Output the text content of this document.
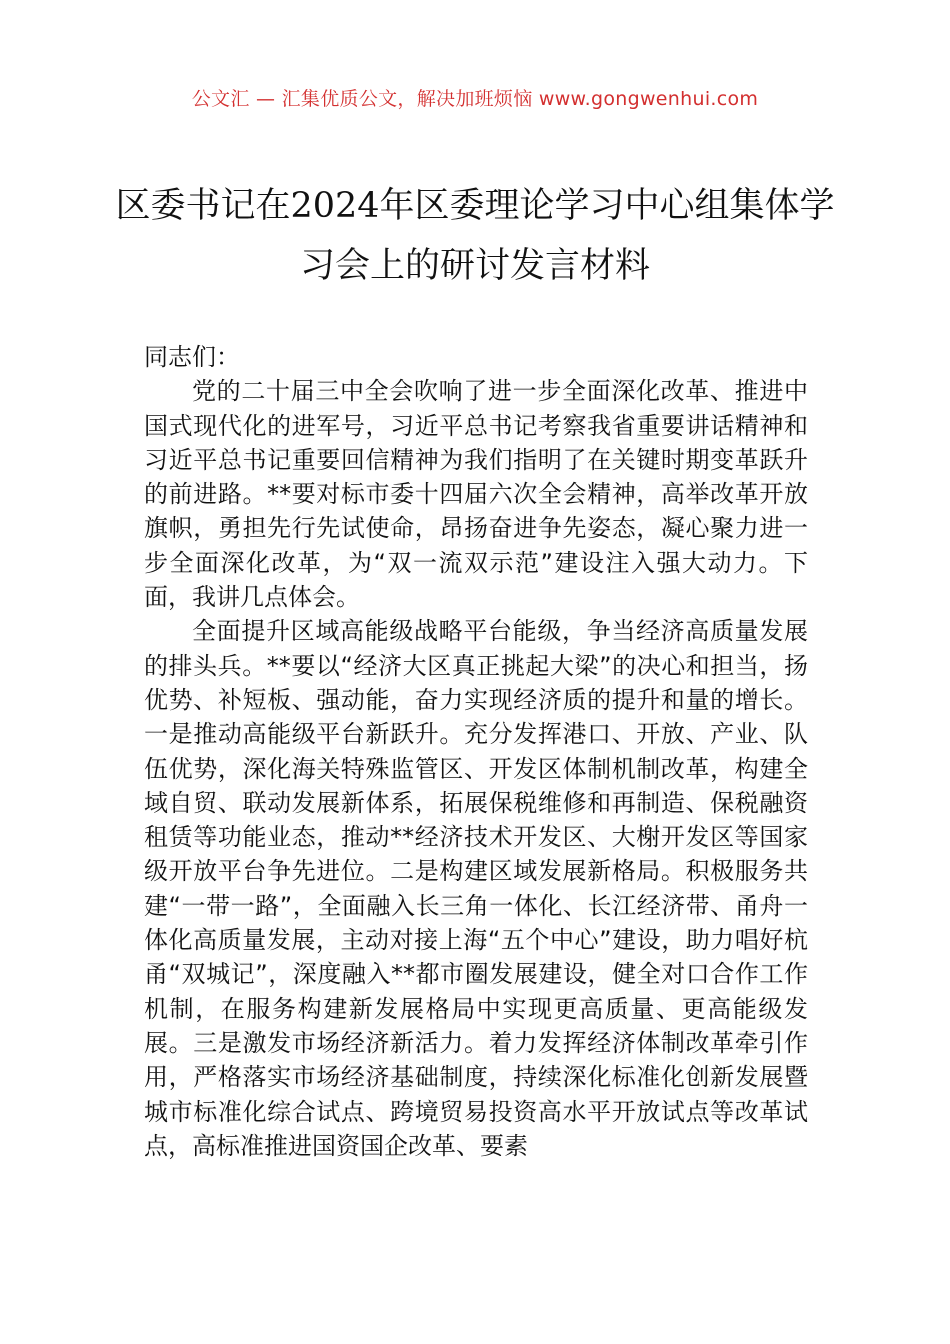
公文汇 — 汇集优质公文，解决加班烦恼 www.gongwenhui.com
区委书记在2024年区委理论学习中心组集体学习会上的研讨发言材料

同志们：

党的二十届三中全会吹响了进一步全面深化改革、推进中国式现代化的进军号，习近平总书记考察我省重要讲话精神和习近平总书记重要回信精神为我们指明了在关键时期变革跃升的前进路。**要对标市委十四届六次全会精神，高举改革开放旗帜，勇担先行先试使命，昂扬奋进争先姿态，凝心聚力进一步全面深化改革，为“双一流双示范”建设注入强大动力。下面，我讲几点体会。

全面提升区域高能级战略平台能级，争当经济高质量发展的排头兵。**要以“经济大区真正挑起大梁”的决心和担当，扬优势、补短板、强动能，奋力实现经济质的提升和量的增长。一是推动高能级平台新跃升。充分发挥港口、开放、产业、队伍优势，深化海关特殊监管区、开发区体制机制改革，构建全域自贸、联动发展新体系，拓展保税维修和再制造、保税融资租赁等功能业态，推动**经济技术开发区、大榭开发区等国家级开放平台争先进位。二是构建区域发展新格局。积极服务共建“一带一路”，全面融入长三角一体化、长江经济带、甬舟一体化高质量发展，主动对接上海“五个中心”建设，助力唱好杭甬“双城记”，深度融入**都市圈发展建设，健全对口合作工作机制，在服务构建新发展格局中实现更高质量、更高能级发展。三是激发市场经济新活力。着力发挥经济体制改革牵引作用，严格落实市场经济基础制度，持续深化标准化创新发展暨城市标准化综合试点、跨境贸易投资高水平开放试点等改革试点，高标准推进国资国企改革、要素
